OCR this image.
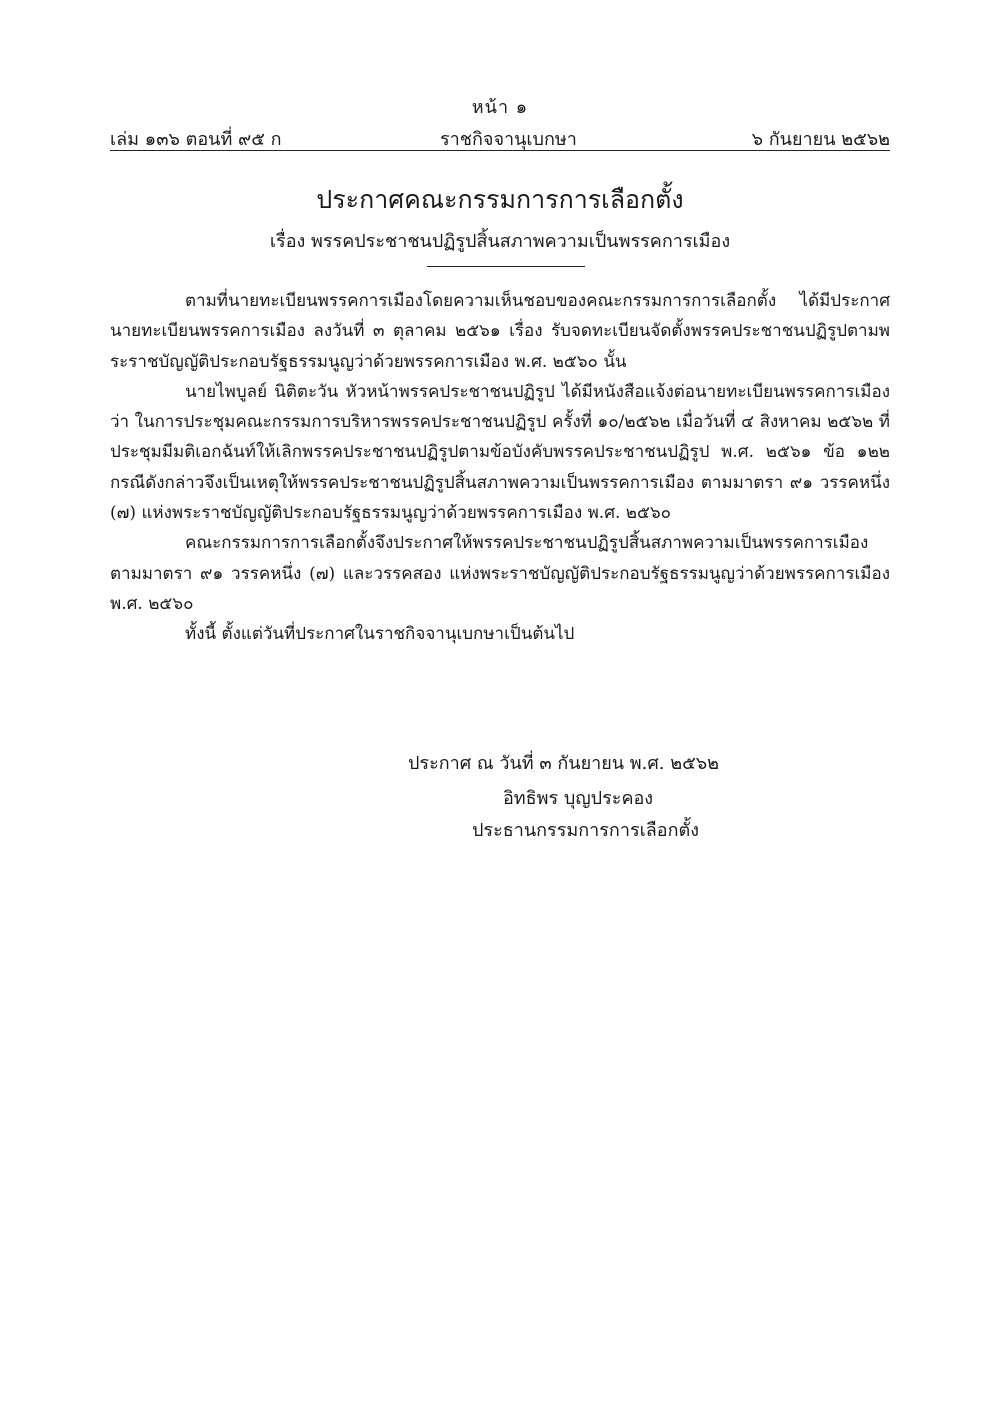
หน้า ๑
เล่ม ๑๓๖ ตอนที่ ๙๕ ก	ราชกิจจานุเบกษา	๖ กันยายน ๒๕๖๒
ประกาศคณะกรรมการการเลือกตั้ง
เรื่อง พรรคประชาชนปฏิรูปสิ้นสภาพความเป็นพรรคการเมือง

ตามที่นายทะเบียนพรรคการเมืองโดยความเห็นชอบของคณะกรรมการการเลือกตั้ง ได้มีประกาศนายทะเบียนพรรคการเมือง ลงวันที่ ๓ ตุลาคม ๒๕๖๑ เรื่อง รับจดทะเบียนจัดตั้งพรรคประชาชนปฏิรูปตามพระราชบัญญัติประกอบรัฐธรรมนูญว่าด้วยพรรคการเมือง พ.ศ. ๒๕๖๐ นั้น

นายไพบูลย์ นิติตะวัน หัวหน้าพรรคประชาชนปฏิรูป ได้มีหนังสือแจ้งต่อนายทะเบียนพรรคการเมืองว่า ในการประชุมคณะกรรมการบริหารพรรคประชาชนปฏิรูป ครั้งที่ ๑๐/๒๕๖๒ เมื่อวันที่ ๔ สิงหาคม ๒๕๖๒ ที่ประชุมมีมติเอกฉันท์ให้เลิกพรรคประชาชนปฏิรูปตามข้อบังคับพรรคประชาชนปฏิรูป พ.ศ. ๒๕๖๑ ข้อ ๑๒๒ กรณีดังกล่าวจึงเป็นเหตุให้พรรคประชาชนปฏิรูปสิ้นสภาพความเป็นพรรคการเมือง ตามมาตรา ๙๑ วรรคหนึ่ง (๗) แห่งพระราชบัญญัติประกอบรัฐธรรมนูญว่าด้วยพรรคการเมือง พ.ศ. ๒๕๖๐

คณะกรรมการการเลือกตั้งจึงประกาศให้พรรคประชาชนปฏิรูปสิ้นสภาพความเป็นพรรคการเมือง ตามมาตรา ๙๑ วรรคหนึ่ง (๗) และวรรคสอง แห่งพระราชบัญญัติประกอบรัฐธรรมนูญว่าด้วยพรรคการเมือง พ.ศ. ๒๕๖๐

ทั้งนี้ ตั้งแต่วันที่ประกาศในราชกิจจานุเบกษาเป็นต้นไป

ประกาศ ณ วันที่ ๓ กันยายน พ.ศ. ๒๕๖๒
อิทธิพร บุญประคอง
ประธานกรรมการการเลือกตั้ง
